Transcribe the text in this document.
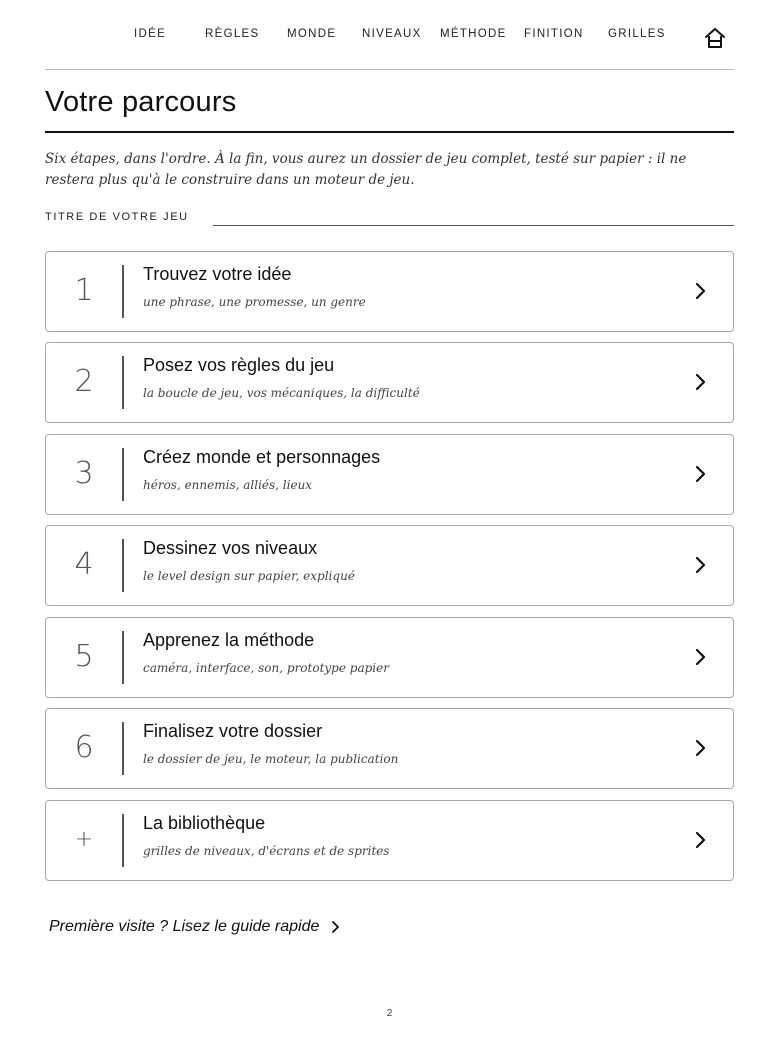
IDÉE	RÈGLES MONDE NIVEAUX MÉTHODE FINITION GRILLES
Votre parcours

Six étapes, dans l'ordre. À la fin, vous aurez un dossier de jeu complet, testé sur papier : il ne restera plus qu'à le construire dans un moteur de jeu.

TITRE DE VOTRE JEU
1	Trouvez votre idée
une phrase, une promesse, un genre
2	Posez vos règles du jeu
la boucle de jeu, vos mécaniques, la difficulté
3	Créez monde et personnages
héros, ennemis, alliés, lieux
4	Dessinez vos niveaux
le level design sur papier, expliqué
5	Apprenez la méthode
caméra, interface, son, prototype papier
6	Finalisez votre dossier
le dossier de jeu, le moteur, la publication
+
La bibliothèque
grilles de niveaux, d'écrans et de sprites
Première visite ? Lisez le guide rapide
2
